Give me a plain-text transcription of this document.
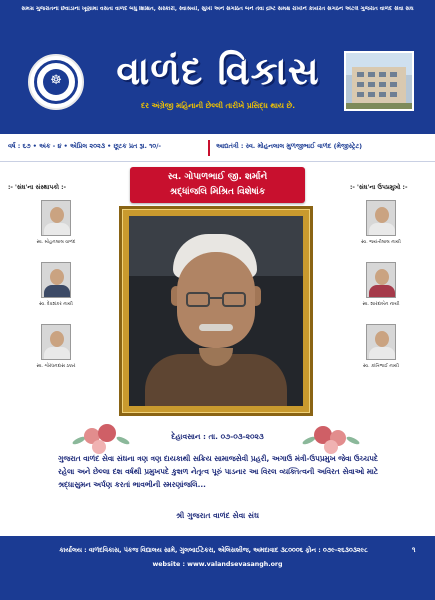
સમગ્ર ગુજરાતના છેવાડાના ખૂણામાં વસતાં વાળંદ બંધુ શિક્ષિત, સંસ્કારી, સ્વાશ્રયી, સુખી અને સંગઠિત બને તેવા દ્રષ્ટિ સમક્ષ રાખીને કાર્યરત સંગઠન એટલે ગુજરાત વાળંદ સેવા સંઘ
☸	વાળંદ વિકાસ
દર અંગ્રેજી મહિનાની છેલ્લી તારીખે પ્રસિદ્ધ થાય છે.
વર્ષ : ૬૭ • અંક - ૪ • એપ્રિલ ૨૦૨૩ • છૂટક પ્રત રૂા. ૧૦/-	આદ્યતંત્રી : સ્વ. મોહનલાલ મુળજીભાઈ વાળંદ (મેજીસ્ટ્રેટ)
સ્વ. ગોપાળભાઈ જી. શર્માને
શ્રદ્ધાંજલિ મિશ્રિત વિશેષાંક
:- 'સંઘ'ના સંસ્થાપકો :-
સ્વ. મોહનલાલ વાળંદ
સ્વ. દેવશંકર નાયી
સ્વ. ગોરધનદાસ ઠક્કર
:- 'સંઘ'ના ઉપપ્રમુખો :-
સ્વ. જયંતીલાલ નાયી
સ્વ. શારદાબેન નાયી
સ્વ. કાંતિભાઈ નાયી
દેહાવસાન : તા. ૦૭-૦૩-૨૦૨૩
ગુજરાત વાળંદ સેવા સંઘના ત્રણ ત્રણ દાયકાથી સક્રિય સામાજસેવી પ્રહરી, અગાઉ મંત્રી-ઉપપ્રમુખ જેવા ઉચ્ચપદે રહેલા અને છેલ્લા દશ વર્ષથી પ્રમુખપદે કુશળ નેતૃત્વ પૂરું પાડનાર આ વિરલ વ્યક્તિત્વની અવિરત સેવાઓ માટે શ્રદ્ધાસુમન અર્પણ કરતાં ભાવભીની સ્મરણાંજલિ...
શ્રી ગુજરાત વાળંદ સેવા સંઘ
કાર્યાલય : વાળંદવિકાસ, પંકજ વિદ્યાલય સામે, ગુલબાઈટેકરા, એલિસબ્રીજ, અમદાવાદ ૩૮૦૦૦૬ ફોન : ૦૭૯-૨૬૩૦૩૨૯૮	૧
website : www.valandsevasangh.org
